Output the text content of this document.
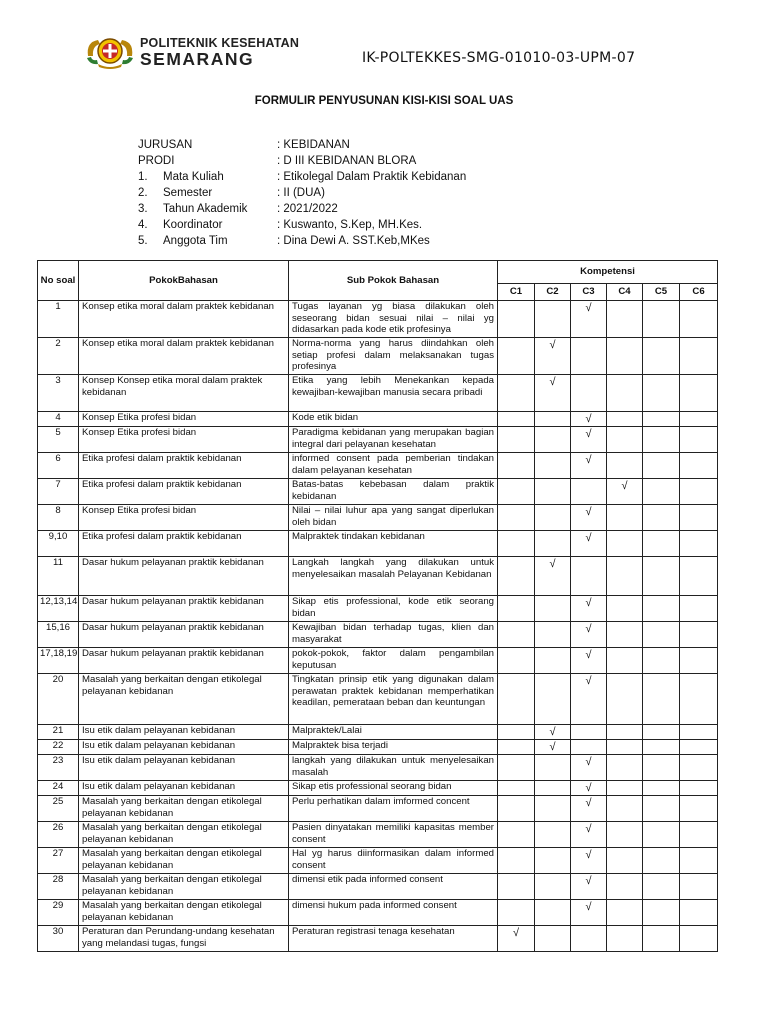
POLITEKNIK KESEHATAN
SEMARANG	IK-POLTEKKES-SMG-01010-03-UPM-07
FORMULIR PENYUSUNAN KISI-KISI SOAL UAS
JURUSAN	: KEBIDANAN
PRODI	: D III KEBIDANAN BLORA
1. Mata Kuliah	: Etikolegal Dalam Praktik Kebidanan
2. Semester	: II (DUA)
3. Tahun Akademik	: 2021/2022
4. Koordinator	: Kuswanto, S.Kep, MH.Kes.
5. Anggota Tim	: Dina Dewi A. SST.Keb,MKes
No soal	PokokBahasan	Sub Pokok Bahasan	Kompetensi					
			C1	C2	C3	C4	C5	C6
1	Konsep etika moral dalam praktek kebidanan	Tugas layanan yg biasa dilakukan oleh seseorang bidan sesuai nilai – nilai yg didasarkan pada kode etik profesinya			√			
2	Konsep etika moral dalam praktek kebidanan	Norma-norma yang harus diindahkan oleh setiap profesi dalam melaksanakan tugas profesinya		√				
3	Konsep Konsep etika moral dalam praktek kebidanan	Etika yang lebih Menekankan kepada kewajiban-kewajiban manusia secara pribadi		√				
4	Konsep Etika profesi bidan	Kode etik bidan			√			
5	Konsep Etika profesi bidan	Paradigma kebidanan yang merupakan bagian integral dari pelayanan kesehatan			√			
6	Etika profesi dalam praktik kebidanan	informed consent pada pemberian tindakan dalam pelayanan kesehatan			√			
7	Etika profesi dalam praktik kebidanan	Batas-batas kebebasan dalam praktik kebidanan				√		
8	Konsep Etika profesi bidan	Nilai – nilai luhur apa yang sangat diperlukan oleh bidan			√			
9,10	Etika profesi dalam praktik kebidanan	Malpraktek tindakan kebidanan			√			
11	Dasar hukum pelayanan praktik kebidanan	Langkah langkah yang dilakukan untuk menyelesaikan masalah Pelayanan Kebidanan		√				
12,13,14	Dasar hukum pelayanan praktik kebidanan	Sikap etis professional, kode etik seorang bidan			√			
15,16	Dasar hukum pelayanan praktik kebidanan	Kewajiban bidan terhadap tugas, klien dan masyarakat			√			
17,18,19	Dasar hukum pelayanan praktik kebidanan	pokok-pokok, faktor dalam pengambilan keputusan			√			
20	Masalah yang berkaitan dengan etikolegal pelayanan kebidanan	Tingkatan prinsip etik yang digunakan dalam perawatan praktek kebidanan memperhatikan keadilan, pemerataan beban dan keuntungan			√			
21	Isu etik dalam pelayanan kebidanan	Malpraktek/Lalai		√				
22	Isu etik dalam pelayanan kebidanan	Malpraktek bisa terjadi		√				
23	Isu etik dalam pelayanan kebidanan	langkah yang dilakukan untuk menyelesaikan masalah			√			
24	Isu etik dalam pelayanan kebidanan	Sikap etis professional seorang bidan			√			
25	Masalah yang berkaitan dengan etikolegal pelayanan kebidanan	Perlu perhatikan dalam imformed concent			√			
26	Masalah yang berkaitan dengan etikolegal pelayanan kebidanan	Pasien dinyatakan memiliki kapasitas member consent			√			
27	Masalah yang berkaitan dengan etikolegal pelayanan kebidanan	Hal yg harus diinformasikan dalam informed consent			√			
28	Masalah yang berkaitan dengan etikolegal pelayanan kebidanan	dimensi etik pada informed consent			√			
29	Masalah yang berkaitan dengan etikolegal pelayanan kebidanan	dimensi hukum pada informed consent			√			
30	Peraturan dan Perundang-undang kesehatan yang melandasi tugas, fungsi	Peraturan registrasi tenaga kesehatan	√					
